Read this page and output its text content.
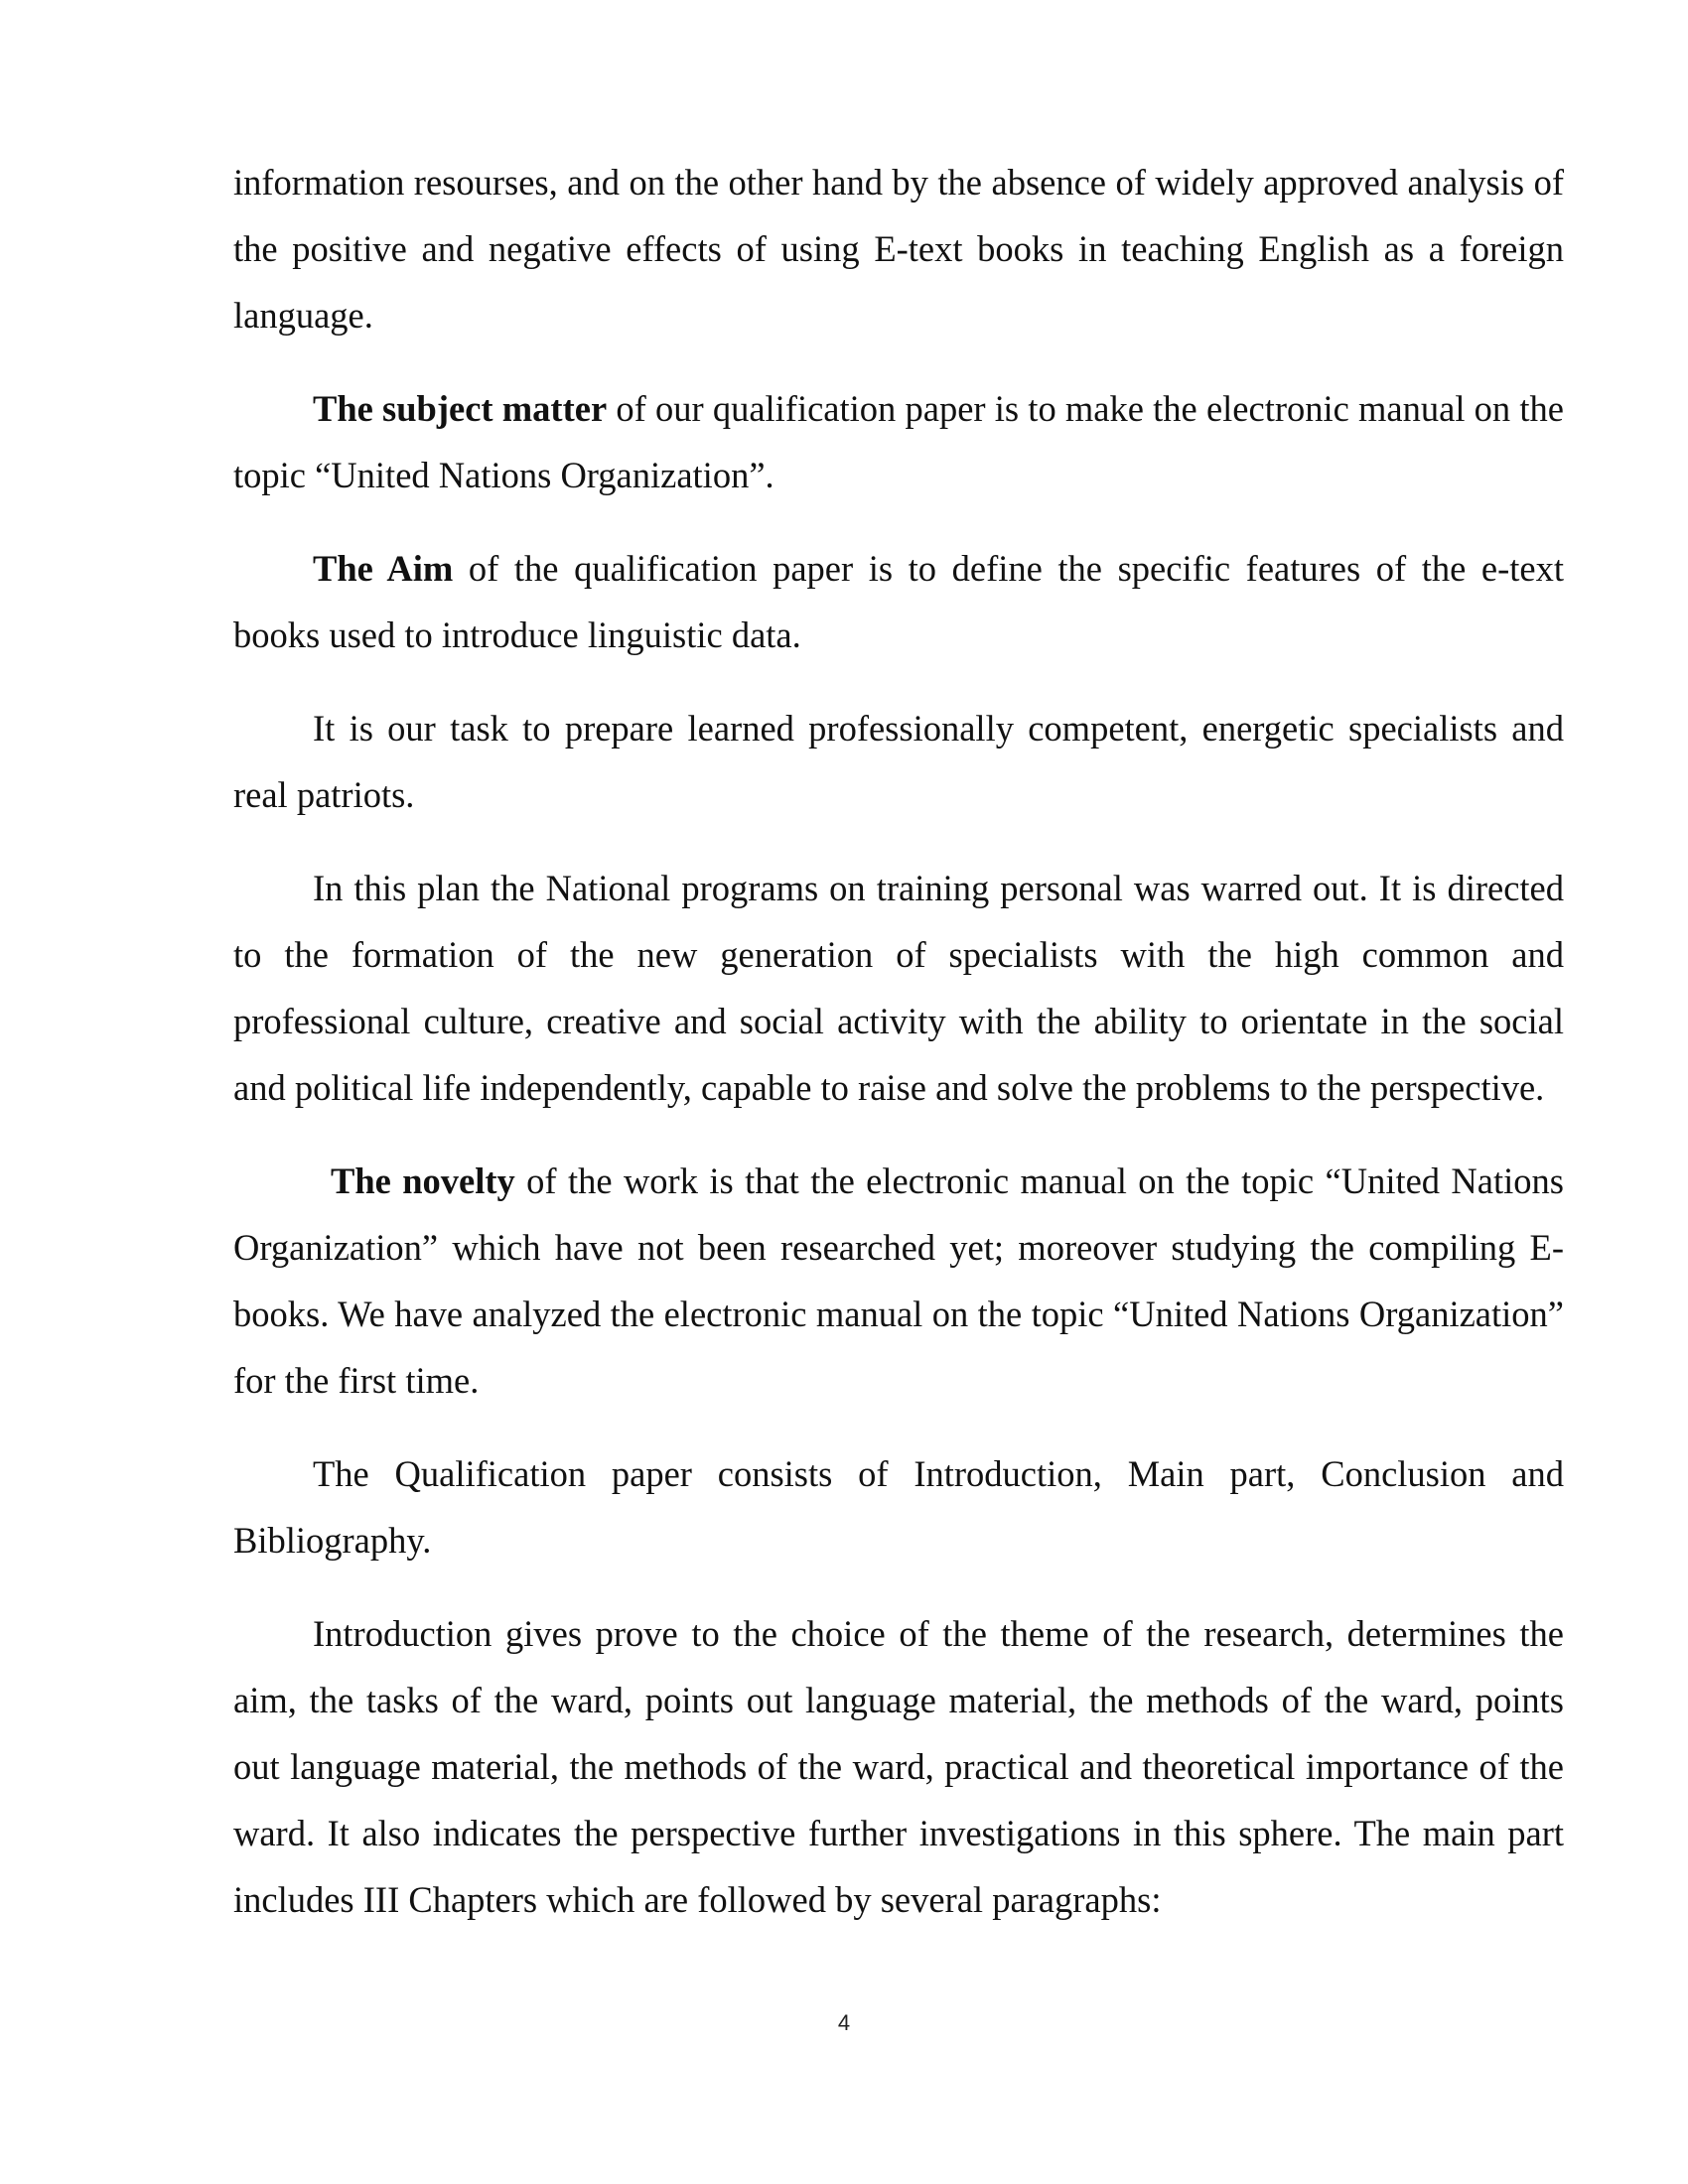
information resourses, and on the other hand by the absence of widely approved analysis of the positive and negative effects of using E-text books in teaching English as a foreign language.

The subject matter of our qualification paper is to make the electronic manual on the topic “United Nations Organization”.

The Aim of the qualification paper is to define the specific features of the e-text books used to introduce linguistic data.

It is our task to prepare learned professionally competent, energetic specialists and real patriots.

In this plan the National programs on training personal was warred out. It is directed to the formation of the new generation of specialists with the high common and professional culture, creative and social activity with the ability to orientate in the social and political life independently, capable to raise and solve the problems to the perspective.

The novelty of the work is that the electronic manual on the topic “United Nations Organization” which have not been researched yet; moreover studying the compiling E-books. We have analyzed the electronic manual on the topic “United Nations Organization” for the first time.

The Qualification paper consists of Introduction, Main part, Conclusion and Bibliography.

Introduction gives prove to the choice of the theme of the research, determines the aim, the tasks of the ward, points out language material, the methods of the ward, points out language material, the methods of the ward, practical and theoretical importance of the ward. It also indicates the perspective further investigations in this sphere. The main part includes III Chapters which are followed by several paragraphs:

4
